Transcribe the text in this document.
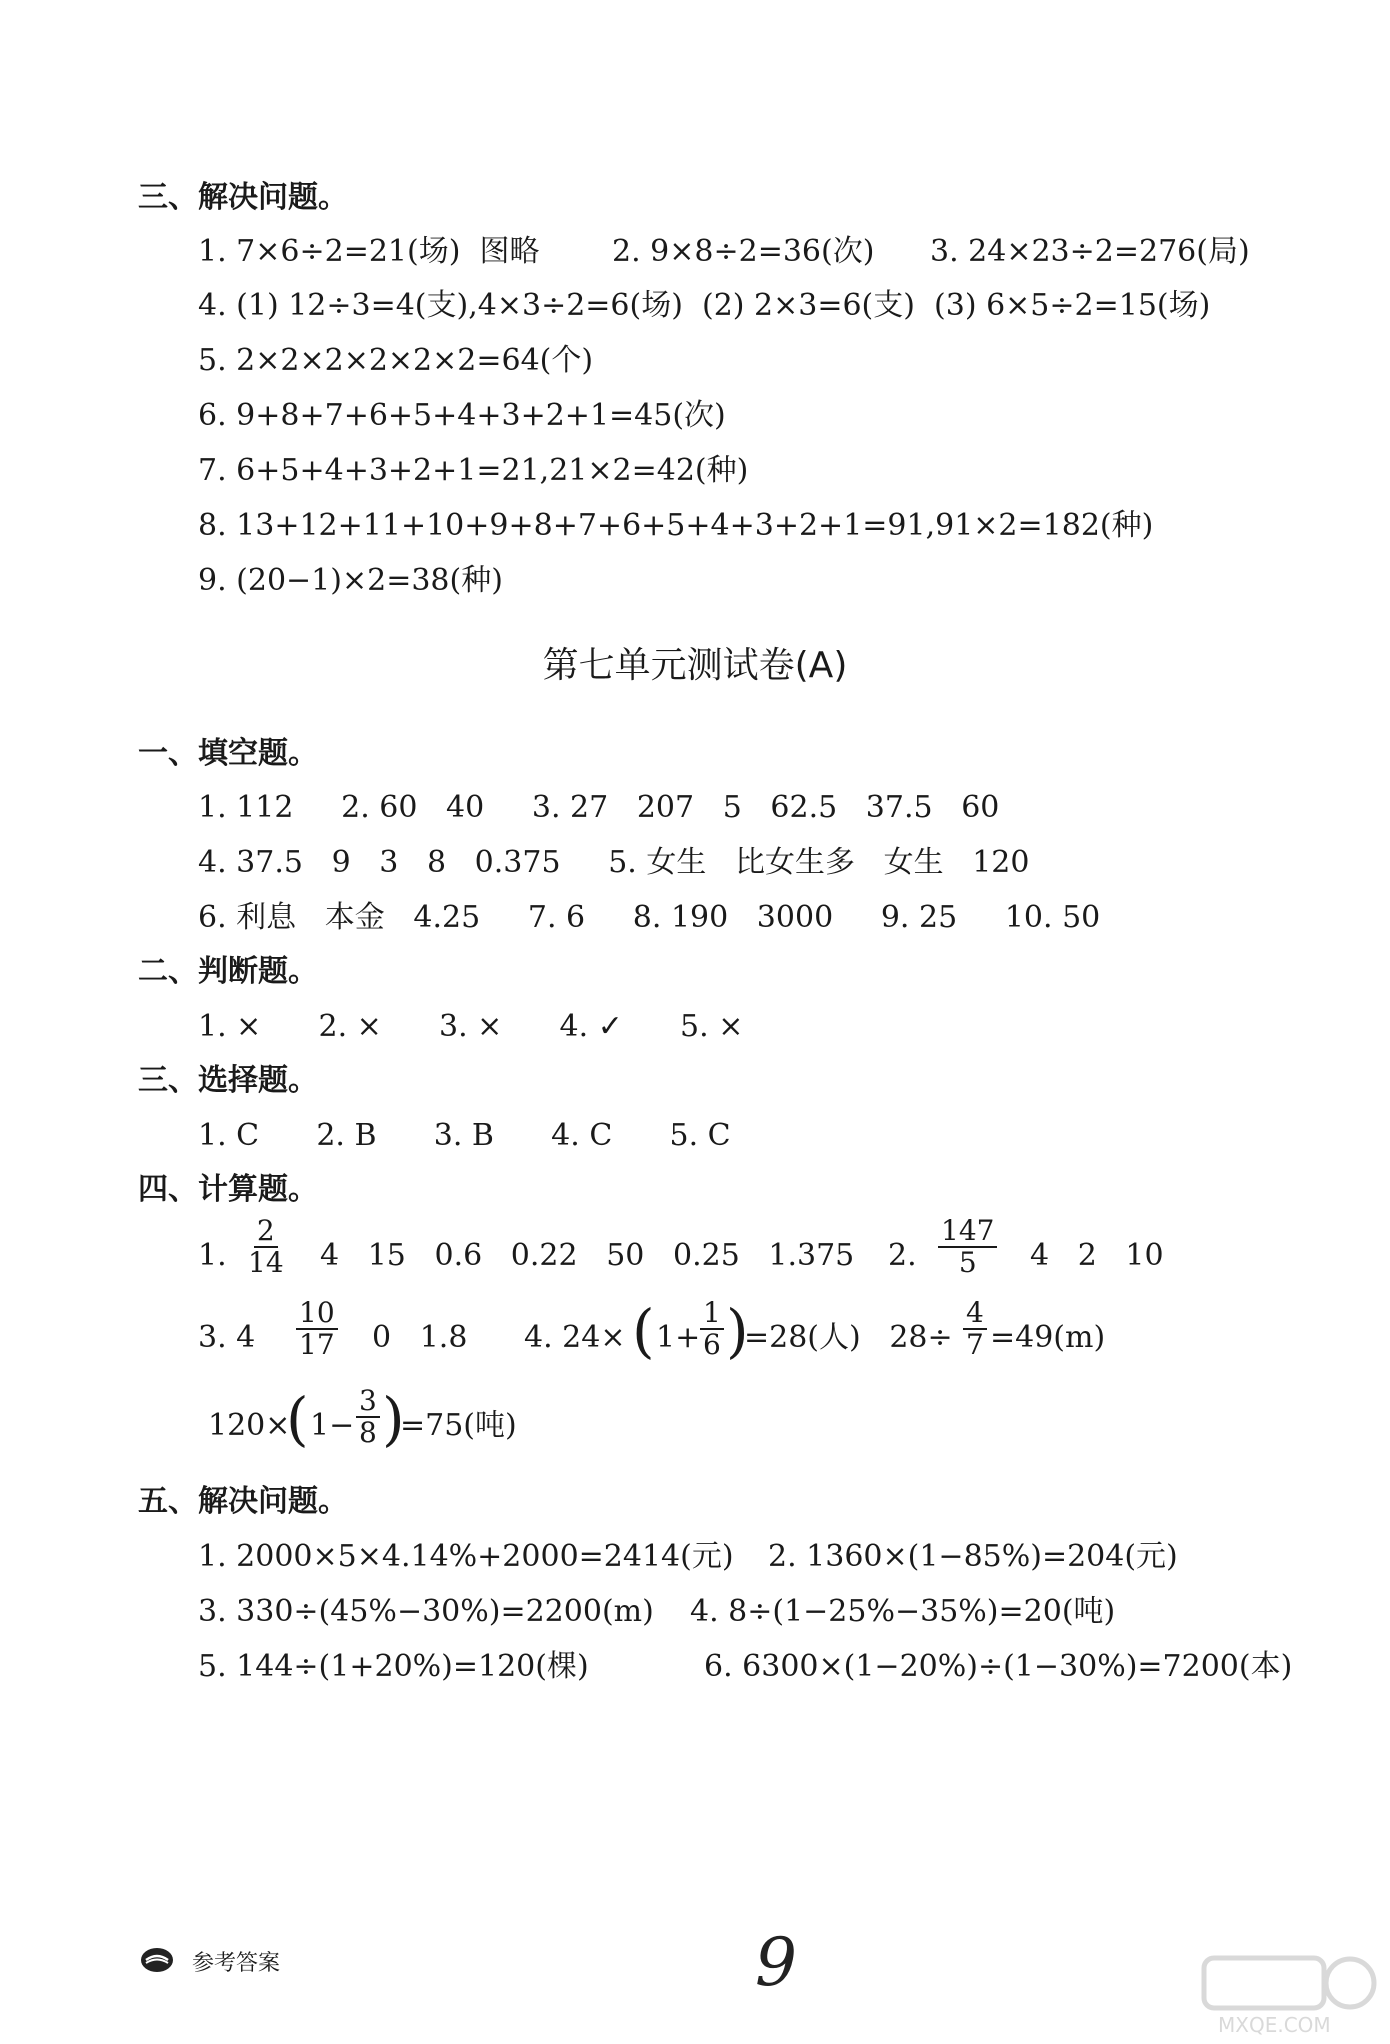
三、解决问题。

1. 7×6÷2=21(场)  图略

2. 9×8÷2=36(次)

3. 24×23÷2=276(局)

4. (1) 12÷3=4(支),4×3÷2=6(场)  (2) 2×3=6(支)  (3) 6×5÷2=15(场)
5. 2×2×2×2×2×2=64(个)
6. 9+8+7+6+5+4+3+2+1=45(次)
7. 6+5+4+3+2+1=21,21×2=42(种)
8. 13+12+11+10+9+8+7+6+5+4+3+2+1=91,91×2=182(种)
9. (20−1)×2=38(种)
第七单元测试卷(A)
一、填空题。
1. 112     2. 60   40     3. 27   207   5   62.5   37.5   60
4. 37.5   9   3   8   0.375     5. 女生   比女生多   女生   120
6. 利息   本金   4.25     7. 6     8. 190   3000     9. 25     10. 50
二、判断题。
1. ×      2. ×      3. ×      4. ✓      5. ×
三、选择题。
1. C      2. B      3. B      4. C      5. C
四、计算题。

1.

$\frac{2}{14}$

4   15   0.6   0.22   50   0.25   1.375

2.

$\frac{147}{5}$

4   2   10

3. 4

$\frac{10}{17}$

0   1.8

4. 24×

(

1+

$\frac{1}{6}$

)

=28(人)   28÷

$\frac{4}{7}$

=49(m)

120×

(

1−

$\frac{3}{8}$

)

=75(吨)

五、解决问题。

1. 2000×5×4.14%+2000=2414(元)

2. 1360×(1−85%)=204(元)

3. 330÷(45%−30%)=2200(m)

4. 8÷(1−25%−35%)=20(吨)

5. 144÷(1+20%)=120(棵)

	6. 6300×(1−20%)÷(1−30%)=7200(本)

参考答案	9
MXQE.COM
